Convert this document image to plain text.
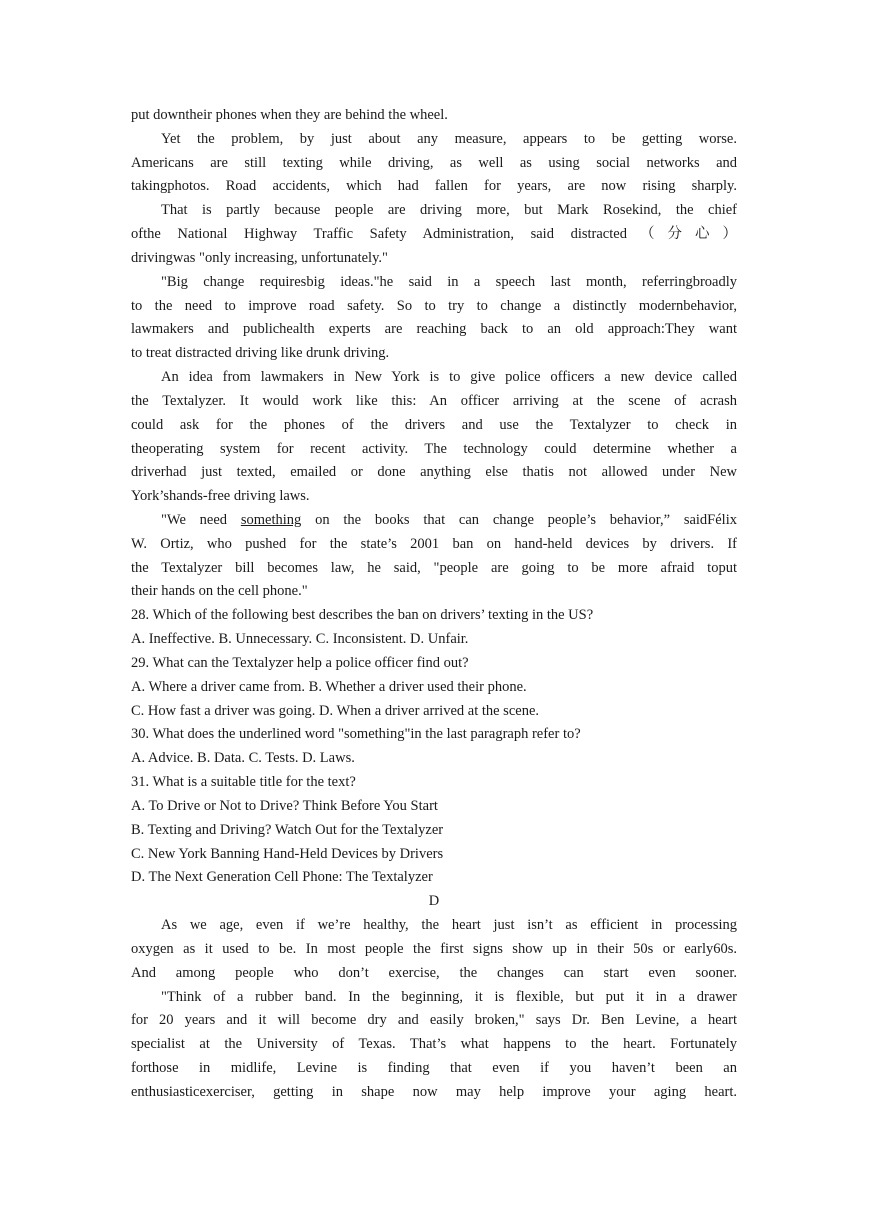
put downtheir phones when they are behind the wheel.
Yet the problem, by just about any measure, appears to be getting worse.
Americans are still texting while driving, as well as using social networks and
takingphotos. Road accidents, which had fallen for years, are now rising sharply.
That is partly because people are driving more, but Mark Rosekind, the chief
ofthe National Highway Traffic Safety Administration, said distracted（分心）
drivingwas "only increasing, unfortunately."
"Big change requiresbig ideas."he said in a speech last month, referringbroadly
to the need to improve road safety. So to try to change a distinctly modernbehavior,
lawmakers and publichealth experts are reaching back to an old approach:They want
to treat distracted driving like drunk driving.
An idea from lawmakers in New York is to give police officers a new device called
the Textalyzer. It would work like this: An officer arriving at the scene of acrash
could ask for the phones of the drivers and use the Textalyzer to check in
theoperating system for recent activity. The technology could determine whether a
driverhad just texted, emailed or done anything else thatis not allowed under New
York’shands-free driving laws.
"We need something on the books that can change people’s behavior,” saidFélix
W. Ortiz, who pushed for the state’s 2001 ban on hand-held devices by drivers. If
the Textalyzer bill becomes law, he said, "people are going to be more afraid toput
their hands on the cell phone."
28. Which of the following best describes the ban on drivers’ texting in the US?
A. Ineffective. B. Unnecessary. C. Inconsistent. D. Unfair.
29. What can the Textalyzer help a police officer find out?
A. Where a driver came from. B. Whether a driver used their phone.
C. How fast a driver was going. D. When a driver arrived at the scene.
30. What does the underlined word "something"in the last paragraph refer to?
A. Advice. B. Data. C. Tests. D. Laws.
31. What is a suitable title for the text?
A. To Drive or Not to Drive? Think Before You Start
B. Texting and Driving? Watch Out for the Textalyzer
C. New York Banning Hand-Held Devices by Drivers
D. The Next Generation Cell Phone: The Textalyzer
D
As we age, even if we’re healthy, the heart just isn’t as efficient in processing
oxygen as it used to be. In most people the first signs show up in their 50s or early60s.
And among people who don’t exercise, the changes can start even sooner.
"Think of a rubber band. In the beginning, it is flexible, but put it in a drawer
for 20 years and it will become dry and easily broken," says Dr. Ben Levine, a heart
specialist at the University of Texas. That’s what happens to the heart. Fortunately
forthose in midlife, Levine is finding that even if you haven’t been an
enthusiasticexerciser, getting in shape now may help improve your aging heart.
